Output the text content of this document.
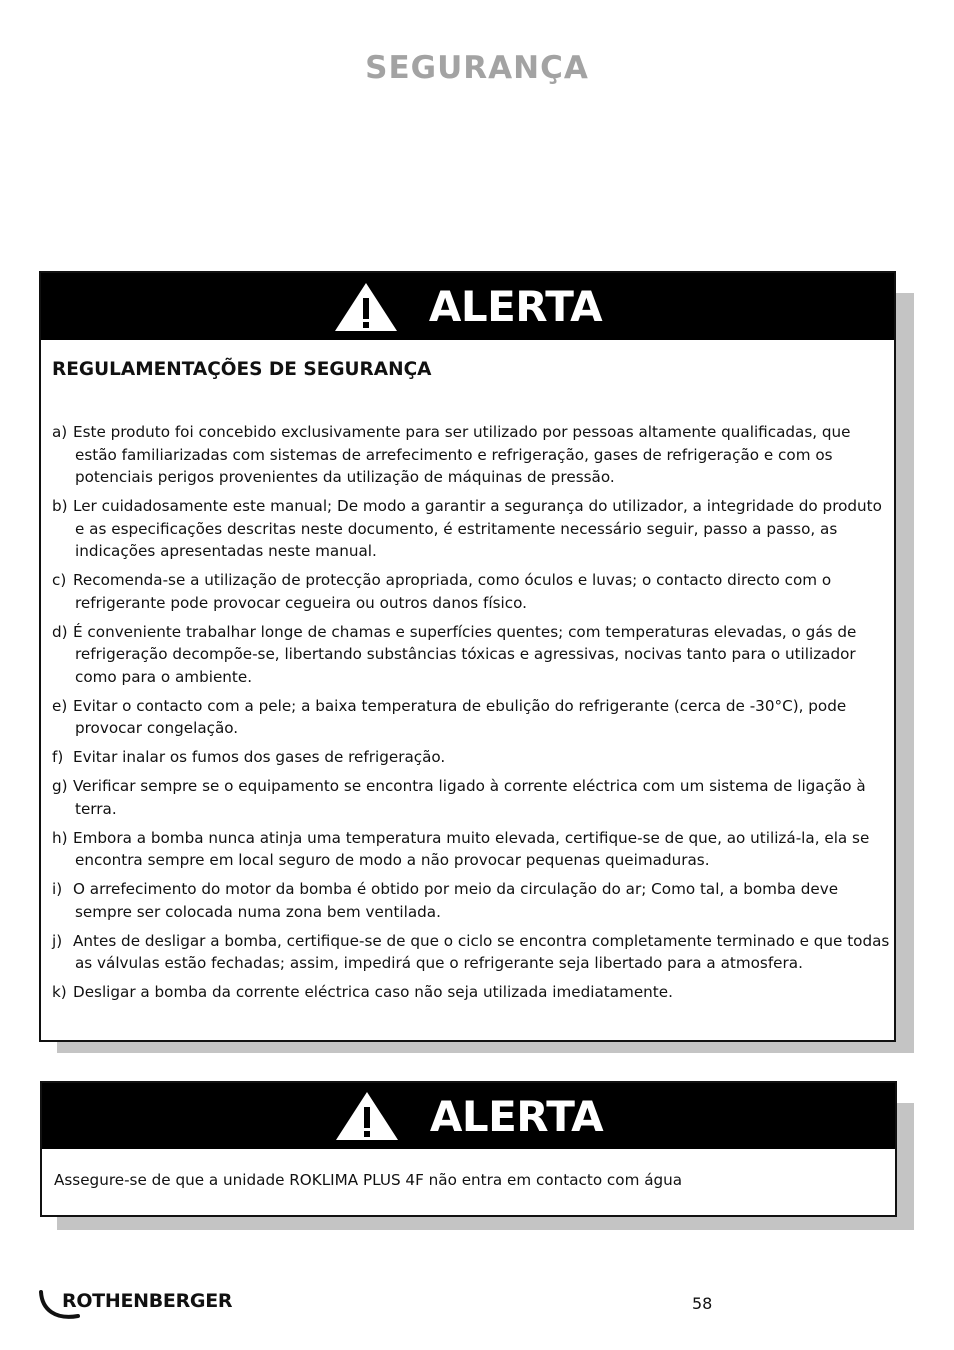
SEGURANÇA
ALERTA
REGULAMENTAÇÕES DE SEGURANÇA
a) Este produto foi concebido exclusivamente para ser utilizado por pessoas altamente qualificadas, que estão familiarizadas com sistemas de arrefecimento e refrigeração, gases de refrigeração e com os potenciais perigos provenientes da utilização de máquinas de pressão.
b) Ler cuidadosamente este manual; De modo a garantir a segurança do utilizador, a integridade do produto e as especificações descritas neste documento, é estritamente necessário seguir, passo a passo, as indicações apresentadas neste manual.
c) Recomenda-se a utilização de protecção apropriada, como óculos e luvas; o contacto directo com o refrigerante pode provocar cegueira ou outros danos físico.
d) É conveniente trabalhar longe de chamas e superfícies quentes; com temperaturas elevadas, o gás de refrigeração decompõe-se, libertando substâncias tóxicas e agressivas, nocivas tanto para o utilizador como para o ambiente.
e) Evitar o contacto com a pele; a baixa temperatura de ebulição do refrigerante (cerca de -30°C), pode provocar congelação.
f) Evitar inalar os fumos dos gases de refrigeração.
g) Verificar sempre se o equipamento se encontra ligado à corrente eléctrica com um sistema de ligação à terra.
h) Embora a bomba nunca atinja uma temperatura muito elevada, certifique-se de que, ao utilizá-la, ela se encontra sempre em local seguro de modo a não provocar pequenas queimaduras.
i) O arrefecimento do motor da bomba é obtido por meio da circulação do ar; Como tal, a bomba deve sempre ser colocada numa zona bem ventilada.
j) Antes de desligar a bomba, certifique-se de que o ciclo se encontra completamente terminado e que todas as válvulas estão fechadas; assim, impedirá que o refrigerante seja libertado para a atmosfera.
k) Desligar a bomba da corrente eléctrica caso não seja utilizada imediatamente.
ALERTA
Assegure-se de que a unidade ROKLIMA PLUS 4F não entra em contacto com água
ROTHENBERGER	58
